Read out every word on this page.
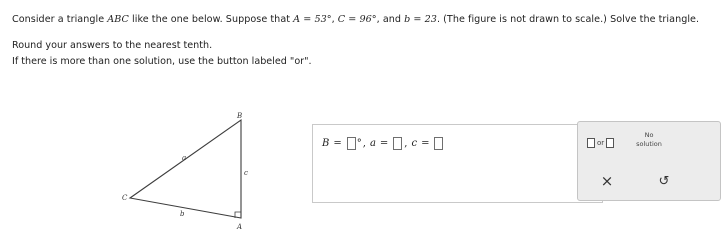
Consider a triangle ABC like the one below. Suppose that A = 53°, C = 96°, and b = 23. (The figure is not drawn to scale.) Solve the triangle.
Round your answers to the nearest tenth.
If there is more than one solution, use the button labeled "or".
B
A
C
a
c
b
B = ° , a = , c =	or
No
solution
×	↺
